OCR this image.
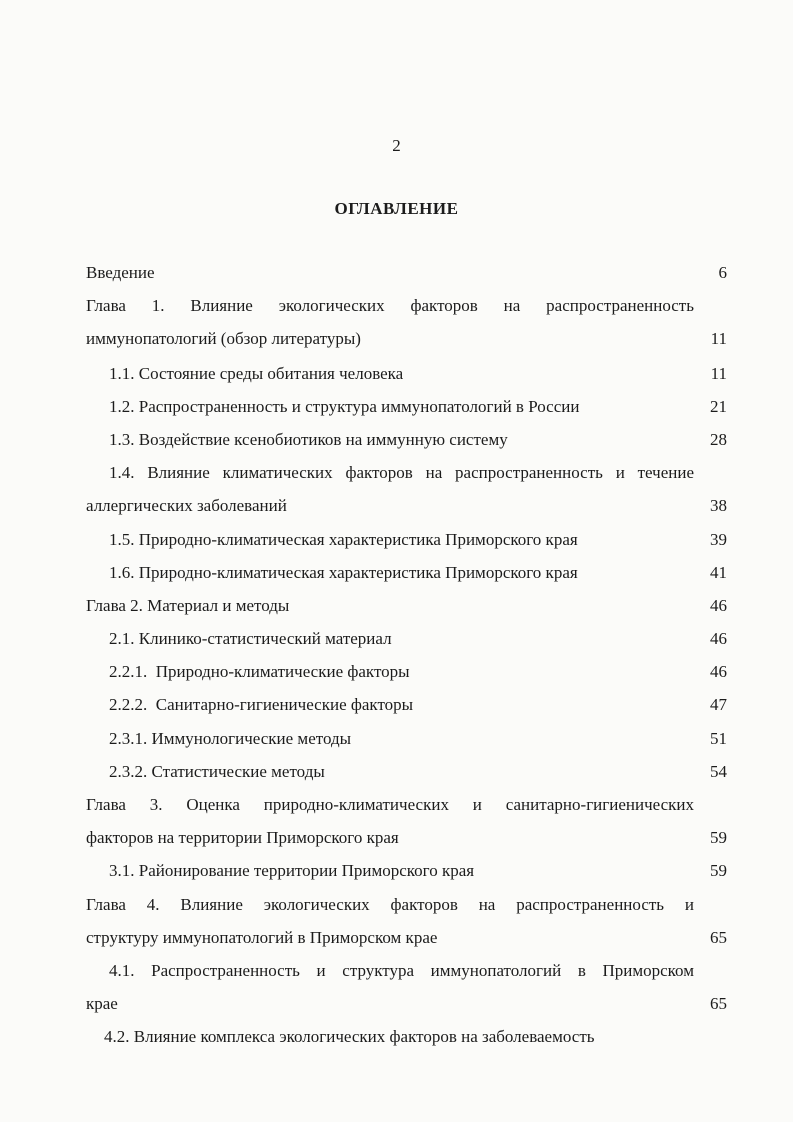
2
ОГЛАВЛЕНИЕ
Введение	6
Глава 1. Влияние экологических факторов на распространенность
иммунопатологий (обзор литературы)	11
1.1. Состояние среды обитания человека	11
1.2. Распространенность и структура иммунопатологий в России	21
1.3. Воздействие ксенобиотиков на иммунную систему	28
1.4. Влияние климатических факторов на распространенность и течение
аллергических заболеваний	38
1.5. Природно-климатическая характеристика Приморского края	39
1.6. Природно-климатическая характеристика Приморского края	41
Глава 2. Материал и методы	46
2.1. Клинико-статистический материал	46
2.2.1.  Природно-климатические факторы	46
2.2.2.  Санитарно-гигиенические факторы	47
2.3.1. Иммунологические методы	51
2.3.2. Статистические методы	54
Глава 3. Оценка природно-климатических и санитарно-гигиенических
факторов на территории Приморского края	59
3.1. Районирование территории Приморского края	59
Глава 4. Влияние экологических факторов на распространенность и
структуру иммунопатологий в Приморском крае	65
4.1. Распространенность и структура иммунопатологий в Приморском
крае	65
4.2. Влияние комплекса экологических факторов на заболеваемость
